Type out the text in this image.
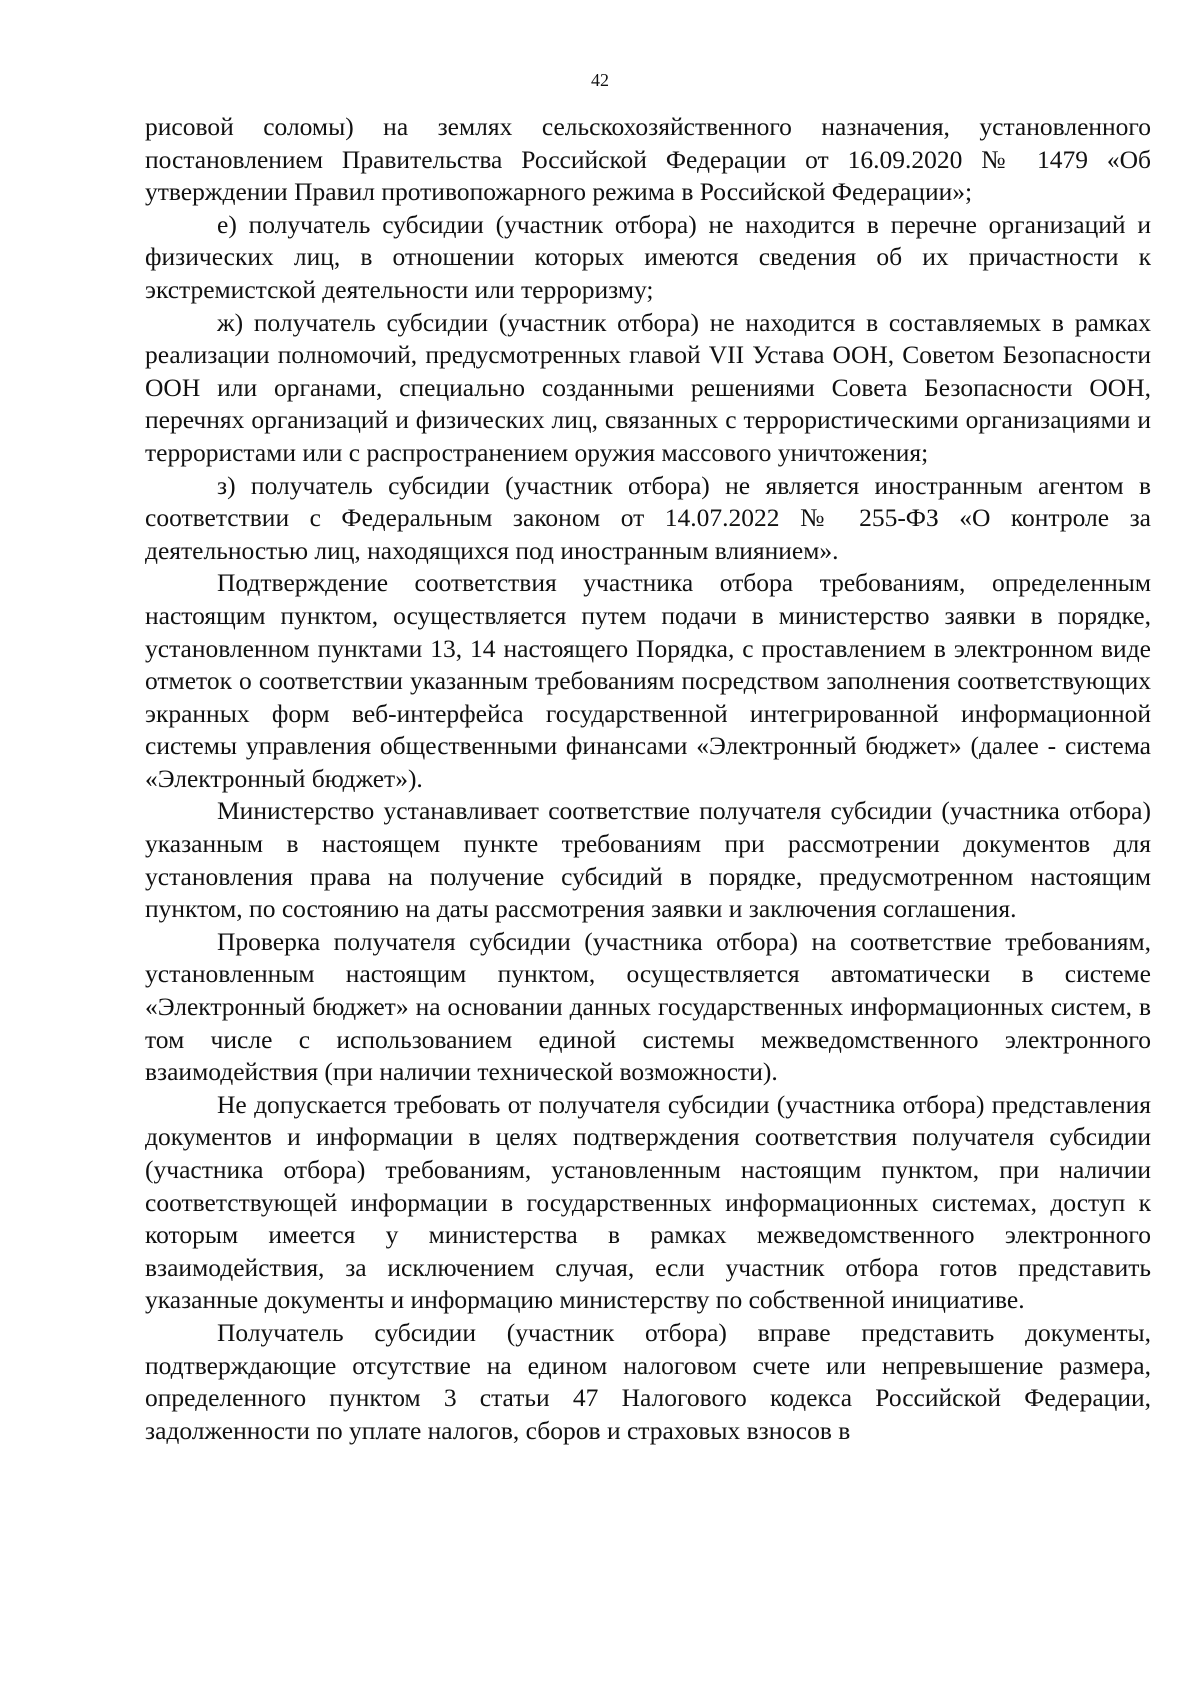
42

рисовой соломы) на землях сельскохозяйственного назначения, установленного постановлением Правительства Российской Федерации от 16.09.2020 № 1479 «Об утверждении Правил противопожарного режима в Российской Федерации»;

е) получатель субсидии (участник отбора) не находится в перечне организаций и физических лиц, в отношении которых имеются сведения об их причастности к экстремистской деятельности или терроризму;

ж) получатель субсидии (участник отбора) не находится в составляемых в рамках реализации полномочий, предусмотренных главой VII Устава ООН, Советом Безопасности ООН или органами, специально созданными решениями Совета Безопасности ООН, перечнях организаций и физических лиц, связанных с террористическими организациями и террористами или с распространением оружия массового уничтожения;

з) получатель субсидии (участник отбора) не является иностранным агентом в соответствии с Федеральным законом от 14.07.2022 № 255-ФЗ «О контроле за деятельностью лиц, находящихся под иностранным влиянием».

Подтверждение соответствия участника отбора требованиям, определенным настоящим пунктом, осуществляется путем подачи в министерство заявки в порядке, установленном пунктами 13, 14 настоящего Порядка, с проставлением в электронном виде отметок о соответствии указанным требованиям посредством заполнения соответствующих экранных форм веб-интерфейса государственной интегрированной информационной системы управления общественными финансами «Электронный бюджет» (далее - система «Электронный бюджет»).

Министерство устанавливает соответствие получателя субсидии (участника отбора) указанным в настоящем пункте требованиям при рассмотрении документов для установления права на получение субсидий в порядке, предусмотренном настоящим пунктом, по состоянию на даты рассмотрения заявки и заключения соглашения.

Проверка получателя субсидии (участника отбора) на соответствие требованиям, установленным настоящим пунктом, осуществляется автоматически в системе «Электронный бюджет» на основании данных государственных информационных систем, в том числе с использованием единой системы межведомственного электронного взаимодействия (при наличии технической возможности).

Не допускается требовать от получателя субсидии (участника отбора) представления документов и информации в целях подтверждения соответствия получателя субсидии (участника отбора) требованиям, установленным настоящим пунктом, при наличии соответствующей информации в государственных информационных системах, доступ к которым имеется у министерства в рамках межведомственного электронного взаимодействия, за исключением случая, если участник отбора готов представить указанные документы и информацию министерству по собственной инициативе.

Получатель субсидии (участник отбора) вправе представить документы, подтверждающие отсутствие на едином налоговом счете или непревышение размера, определенного пунктом 3 статьи 47 Налогового кодекса Российской Федерации, задолженности по уплате налогов, сборов и страховых взносов в
